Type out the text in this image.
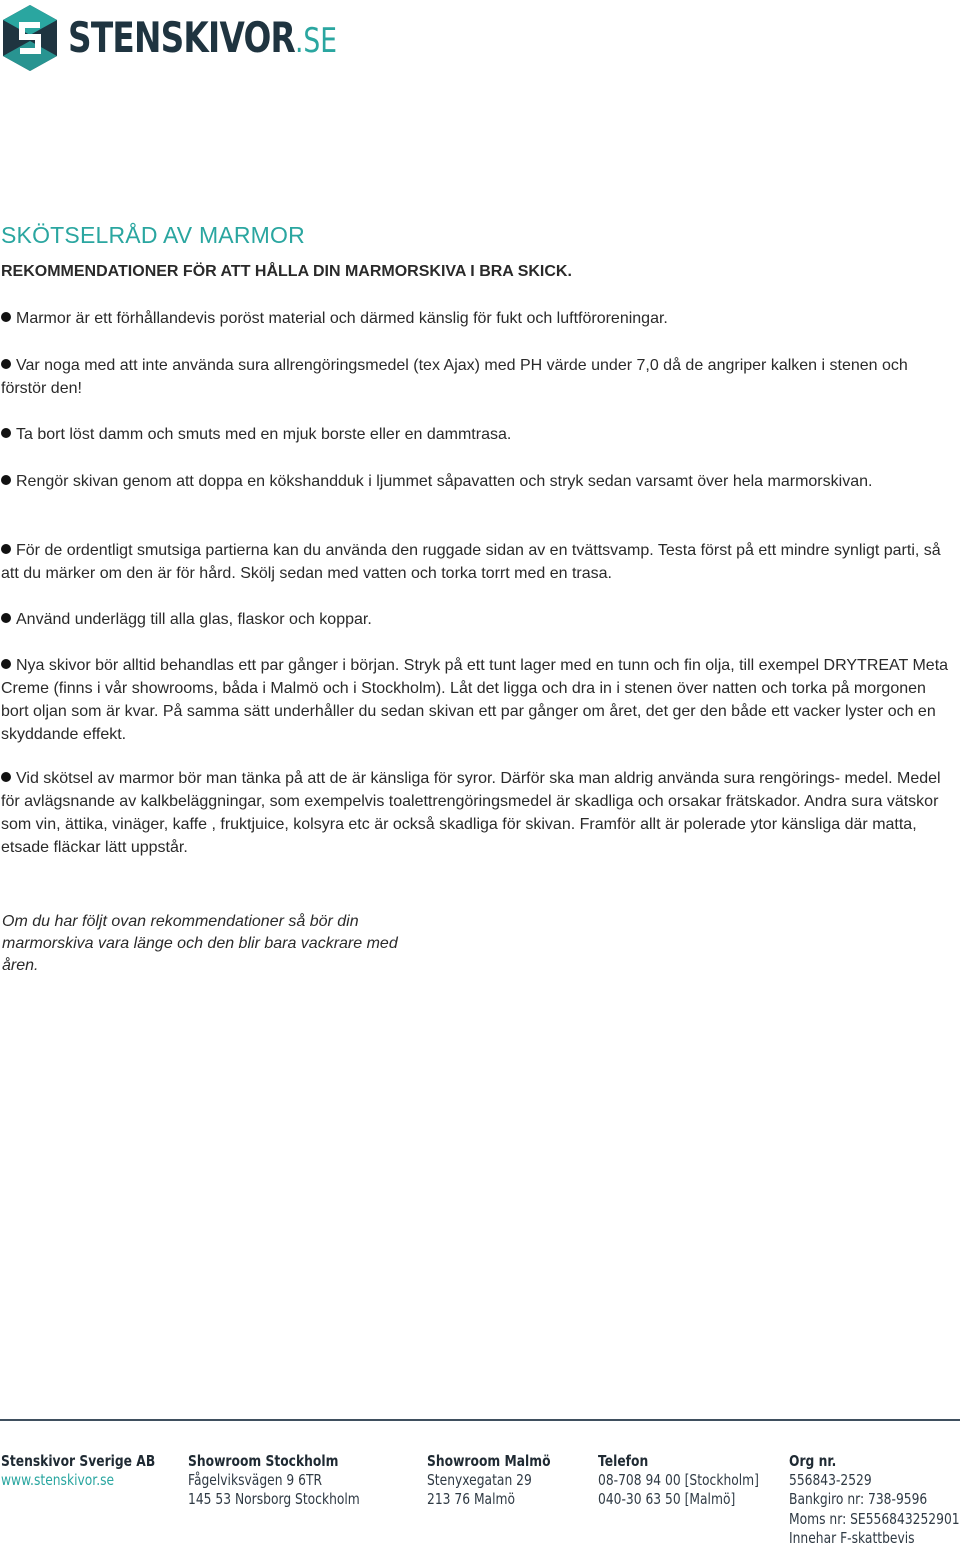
STENSKIVOR.SE
SKÖTSELRÅD AV MARMOR
REKOMMENDATIONER FÖR ATT HÅLLA DIN MARMORSKIVA I BRA SKICK.

Marmor är ett förhållandevis poröst material och därmed känslig för fukt och luftföroreningar.

Var noga med att inte använda sura allrengöringsmedel (tex Ajax) med PH värde under 7,0 då de angriper kalken i stenen och förstör den!

Ta bort löst damm och smuts med en mjuk borste eller en dammtrasa.

Rengör skivan genom att doppa en kökshandduk i ljummet såpavatten och stryk sedan varsamt över hela marmorskivan.

För de ordentligt smutsiga partierna kan du använda den ruggade sidan av en tvättsvamp. Testa först på ett mindre synligt parti, så att du märker om den är för hård. Skölj sedan med vatten och torka torrt med en trasa.

Använd underlägg till alla glas, flaskor och koppar.

Nya skivor bör alltid behandlas ett par gånger i början. Stryk på ett tunt lager med en tunn och fin olja, till exempel DRYTREAT Meta Creme (finns i vår showrooms, båda i Malmö och i Stockholm). Låt det ligga och dra in i stenen över natten och torka på morgonen bort oljan som är kvar. På samma sätt underhåller du sedan skivan ett par gånger om året, det ger den både ett vacker lyster och en skyddande effekt.

Vid skötsel av marmor bör man tänka på att de är känsliga för syror. Därför ska man aldrig använda sura rengörings- medel. Medel för avlägsnande av kalkbeläggningar, som exempelvis toalettrengöringsmedel är skadliga och orsakar frätskador. Andra sura vätskor som vin, ättika, vinäger, kaffe , fruktjuice, kolsyra etc är också skadliga för skivan. Framför allt är polerade ytor känsliga där matta, etsade fläckar lätt uppstår.

Om du har följt ovan rekommendationer så bör din marmorskiva vara länge och den blir bara vackrare med åren.

Stenskivor Sverige AB
www.stenskivor.se
Showroom Stockholm
Fågelviksvägen 9 6TR
145 53 Norsborg Stockholm
Showroom Malmö
Stenyxegatan 29
213 76 Malmö
Telefon
08-708 94 00 [Stockholm]
040-30 63 50 [Malmö]
Org nr.
556843-2529
Bankgiro nr: 738-9596
Moms nr: SE556843252901
Innehar F-skattbevis
